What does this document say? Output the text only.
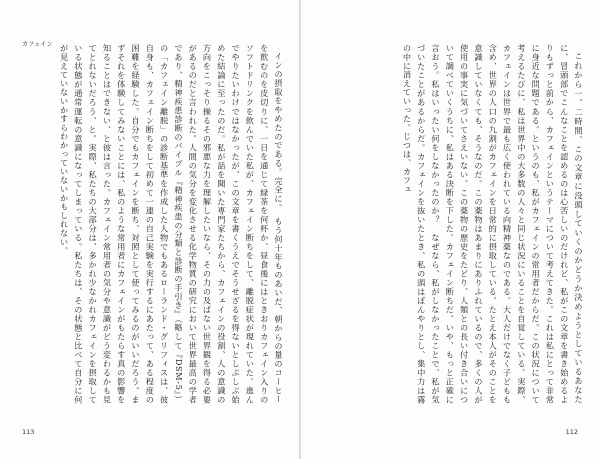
カフェイン

インの摂取をやめたのである。完全に。　もう何十年ものあいだ、朝からの量のコーヒーを飲むのを皮切りに、一日を通じて緑茶を何杯か、昼食後にはときおりカフェイン入りのソフトドリンクを飲んでいた私が、カフェイン断ちをして、離脱症状が現れていた。進んでやりたいわけではなかったが、この文章を書くうえでそうせざるを得ないとしぶしぶ始めた結論に至ったのだ。私が話を聞いた専門家たちから、カフェインの役割、人の意識の方向をこっそり操るその邪悪な力を理解したいなら、その力の及ばない世界観を得る必要があるのだと言われた。人間の気分を変化させる化学物質の研究において世界最高の学者であり、精神疾患診断のバイブル『精神疾患の分類と診断の手引き』（略して『DSM-5』）の「カフェイン離脱」の診断基準を作成した人物でもあるローランド・グリフィスは、彼自身も、カフェイン断ちをして初めて一連の自己実験を実行するにあたって、ある程度の困難を経験した。自分でもカフェインを断ち、対照として使ってみるのがいいだろう。まずそれを体験してみないことには、私のような常用者にカフェインがもたらす真の影響を知ることはできない、と彼は言った。カフェイン常用者の気分や意識がどう変わるかも見てとれないだろう、と。実際、私たちの大部分は、多かれ少なかれカフェインを摂取している状態が通常運転の意識になってしまっている。私たちは、その状態と比べて自分に何が見えていないかすらわかっていないかもしれない。

113

これから一、二時間、この文章に没頭していくのかどうか決めようとしているあなたに、冒頭部でこんなことを認めるのは心苦しいのだけれど、私がこの文章を書き始めるよりもずっと前から、カフェインというテーマについて考えてきた。これは私にとって非常に身近な問題である。というのも、私がカフェインの常用者だからだ。この状況について考えるたびに、私は世界中の大多数の人々と同じ状況にいることを自覚している。実際、カフェインは世界で最も広く使われている向精神薬なのである。大人だけでなく子どもも含め、世界の人口の九割がカフェインを日常的に摂取している。たとえ本人がそのことを意識していなくても、そうなのだ。この薬物はあまりにありふれているので、多くの人が使用の事実に気づいてさえいない。この薬物の歴史をたどり、人類との長い付き合いについて調べていくうちに、私はある決断を下した。カフェイン断ちだ。いや、もっと正確に言おう。私はいったい何をしなかったのか？　なぜなら、私がしなかったことで、私が気づいたことがあるからだ。カフェインを抜いたとき、私の頭はぼんやりとし、集中力は霧の中に消えていった。じつは、カフェ

112
